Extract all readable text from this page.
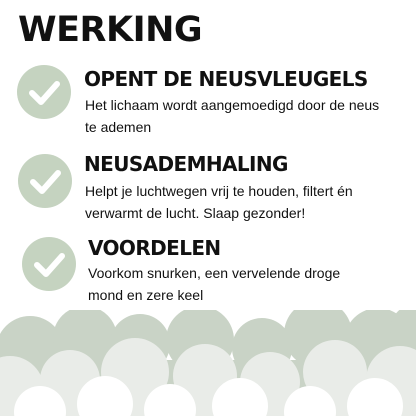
WERKING
OPENT DE NEUSVLEUGELS
Het lichaam wordt aangemoedigd door de neus
te ademen
NEUSADEMHALING
Helpt je luchtwegen vrij te houden, filtert én
verwarmt de lucht. Slaap gezonder!
VOORDELEN
Voorkom snurken, een vervelende droge
mond en zere keel
